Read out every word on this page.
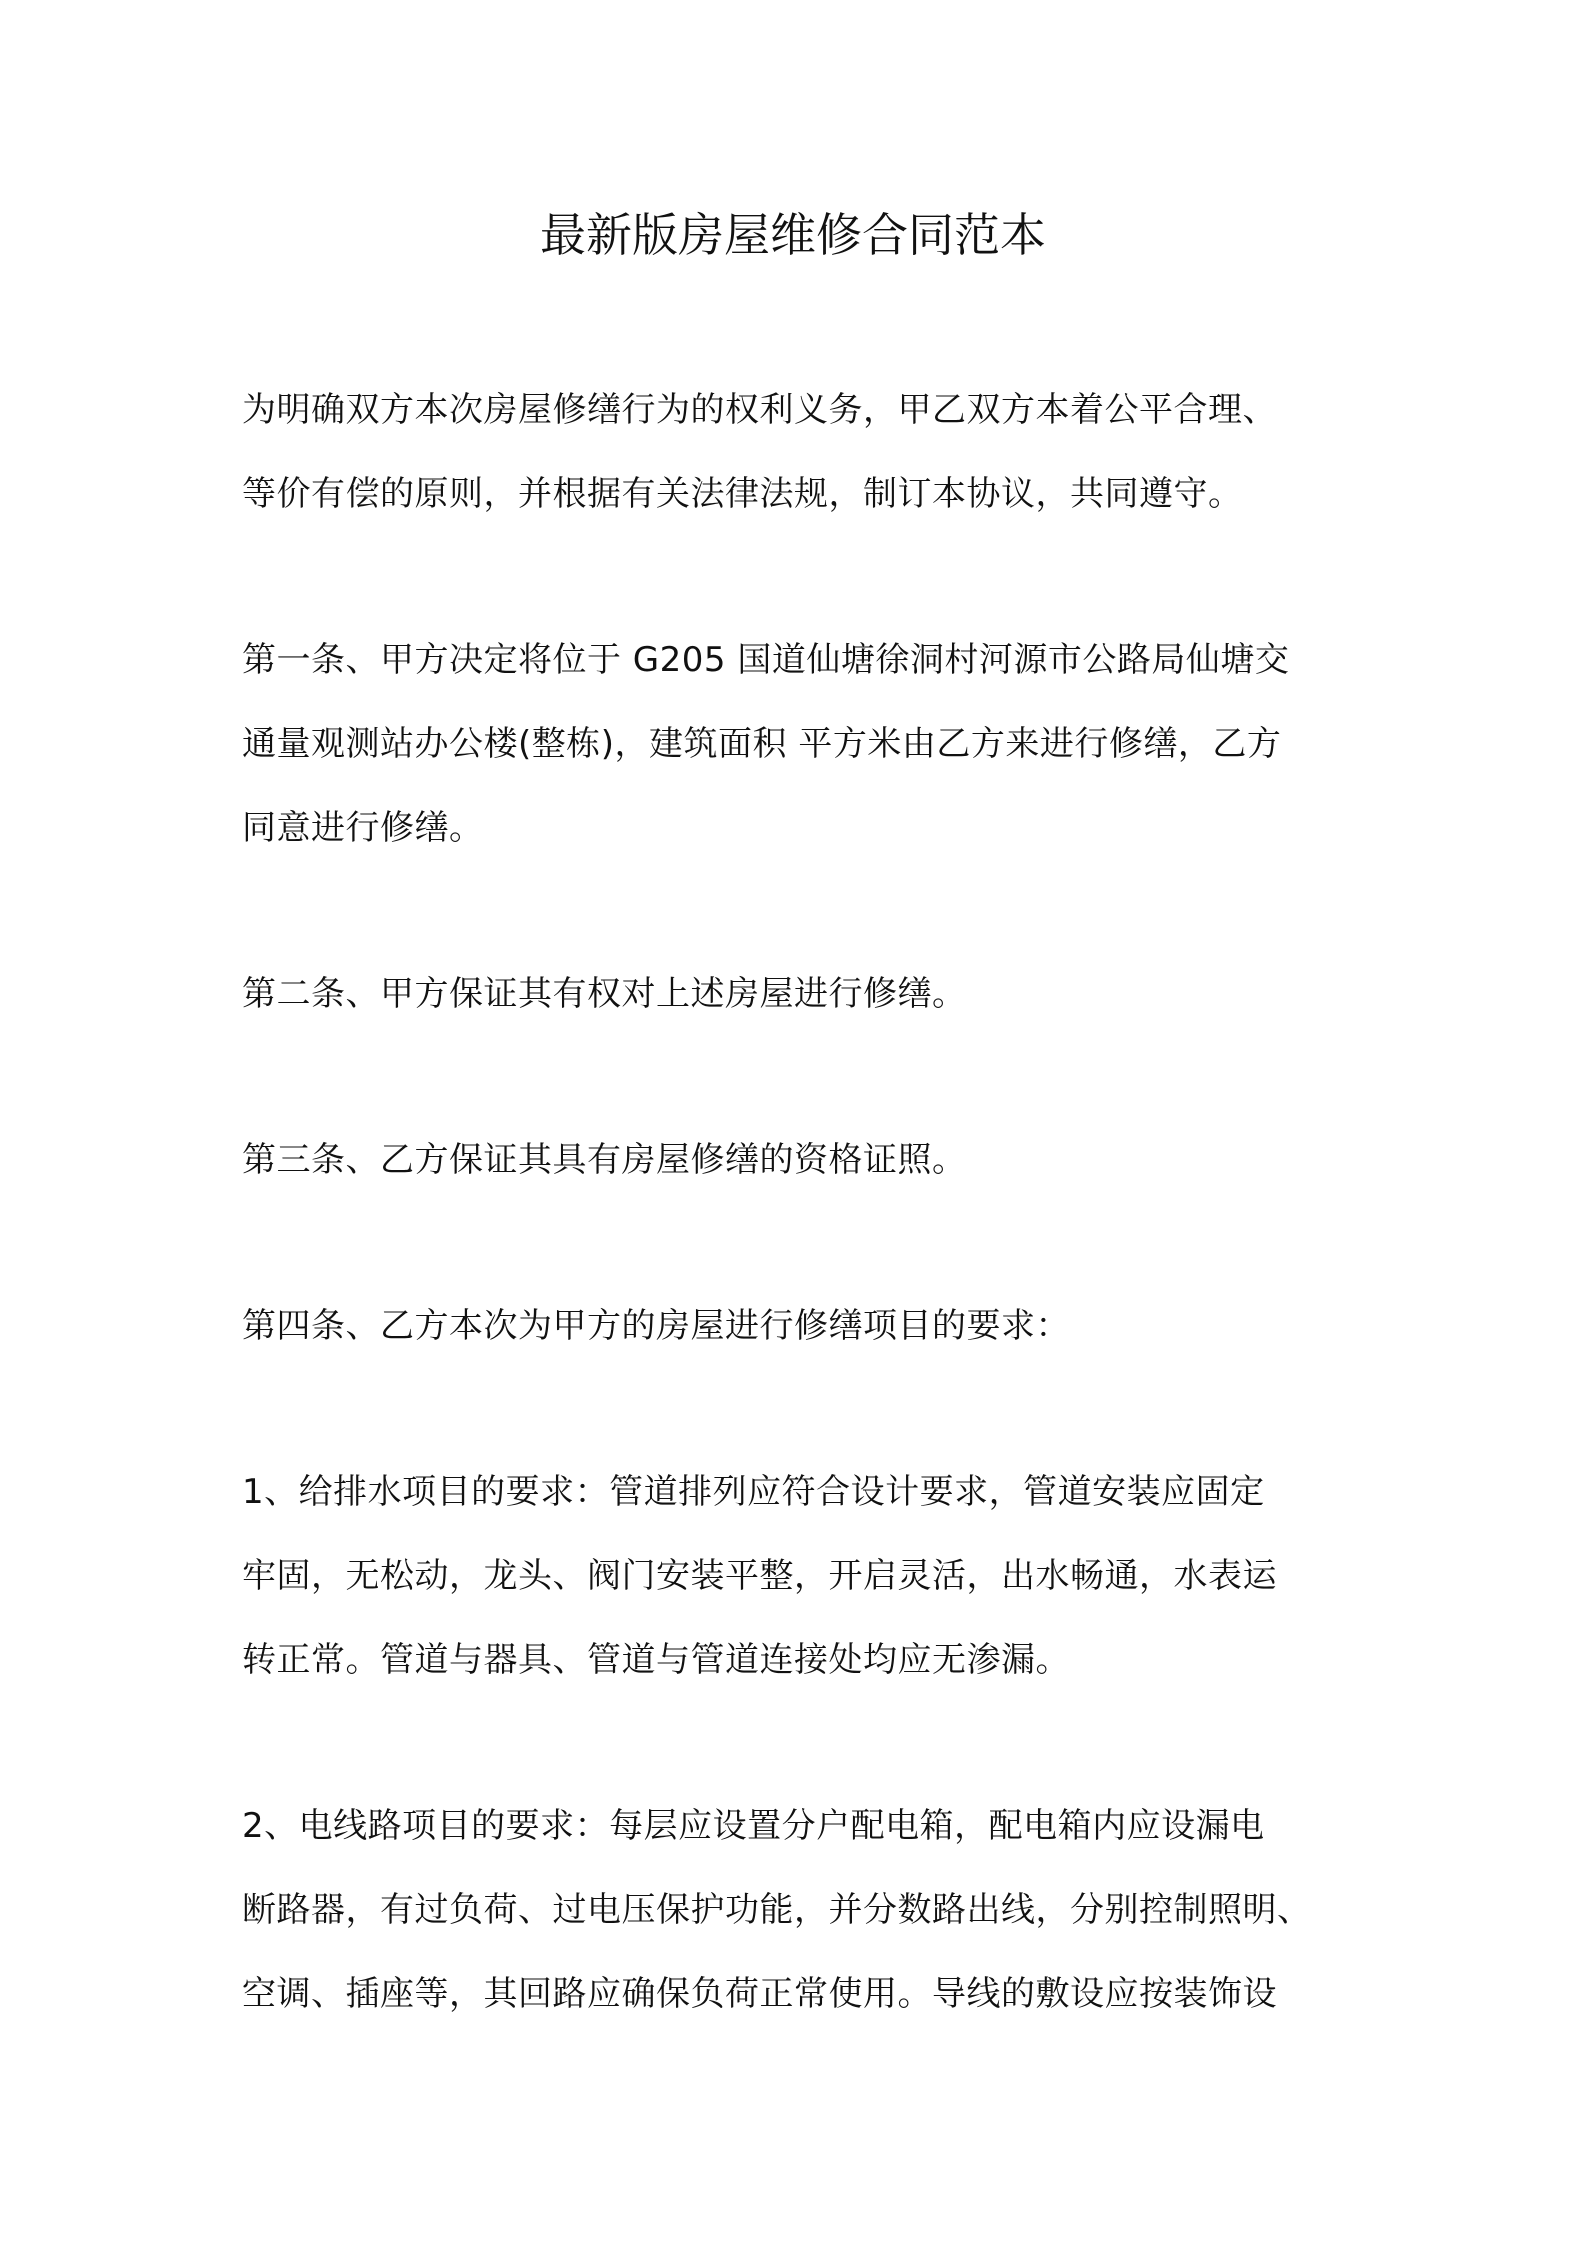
最新版房屋维修合同范本

为明确双方本次房屋修缮行为的权利义务，甲乙双方本着公平合理、
等价有偿的原则，并根据有关法律法规，制订本协议，共同遵守。

第一条、甲方决定将位于 G205 国道仙塘徐洞村河源市公路局仙塘交
通量观测站办公楼(整栋)，建筑面积 平方米由乙方来进行修缮，乙方
同意进行修缮。

第二条、甲方保证其有权对上述房屋进行修缮。

第三条、乙方保证其具有房屋修缮的资格证照。

第四条、乙方本次为甲方的房屋进行修缮项目的要求：

1、给排水项目的要求：管道排列应符合设计要求，管道安装应固定
牢固，无松动，龙头、阀门安装平整，开启灵活，出水畅通，水表运
转正常。管道与器具、管道与管道连接处均应无渗漏。

2、电线路项目的要求：每层应设置分户配电箱，配电箱内应设漏电
断路器，有过负荷、过电压保护功能，并分数路出线，分别控制照明、
空调、插座等，其回路应确保负荷正常使用。导线的敷设应按装饰设
